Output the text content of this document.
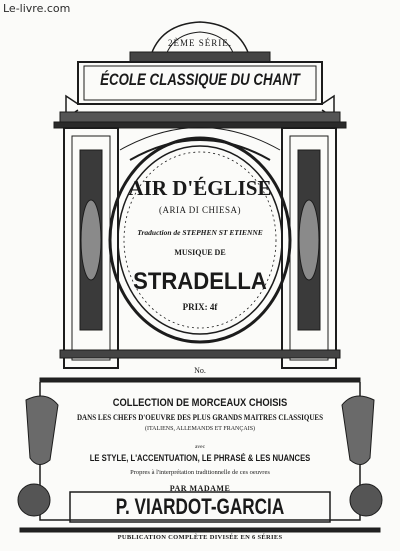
Le-livre.com
2ÈME SÉRIE.
ÉCOLE CLASSIQUE DU CHANT
AIR D'ÉGLISE
(ARIA DI CHIESA)
Traduction de STEPHEN ST ETIENNE
MUSIQUE DE
STRADELLA
PRIX: 4f
No.
COLLECTION DE MORCEAUX CHOISIS
DANS LES CHEFS D'OEUVRE DES PLUS GRANDS MAITRES CLASSIQUES
(ITALIENS, ALLEMANDS ET FRANÇAIS)
avec
LE STYLE, L'ACCENTUATION, LE PHRASÉ & LES NUANCES
Propres à l'interprétation traditionnelle de ces oeuvres
PAR MADAME
P. VIARDOT-GARCIA
PUBLICATION COMPLÈTE DIVISÉE EN 6 SÉRIES
